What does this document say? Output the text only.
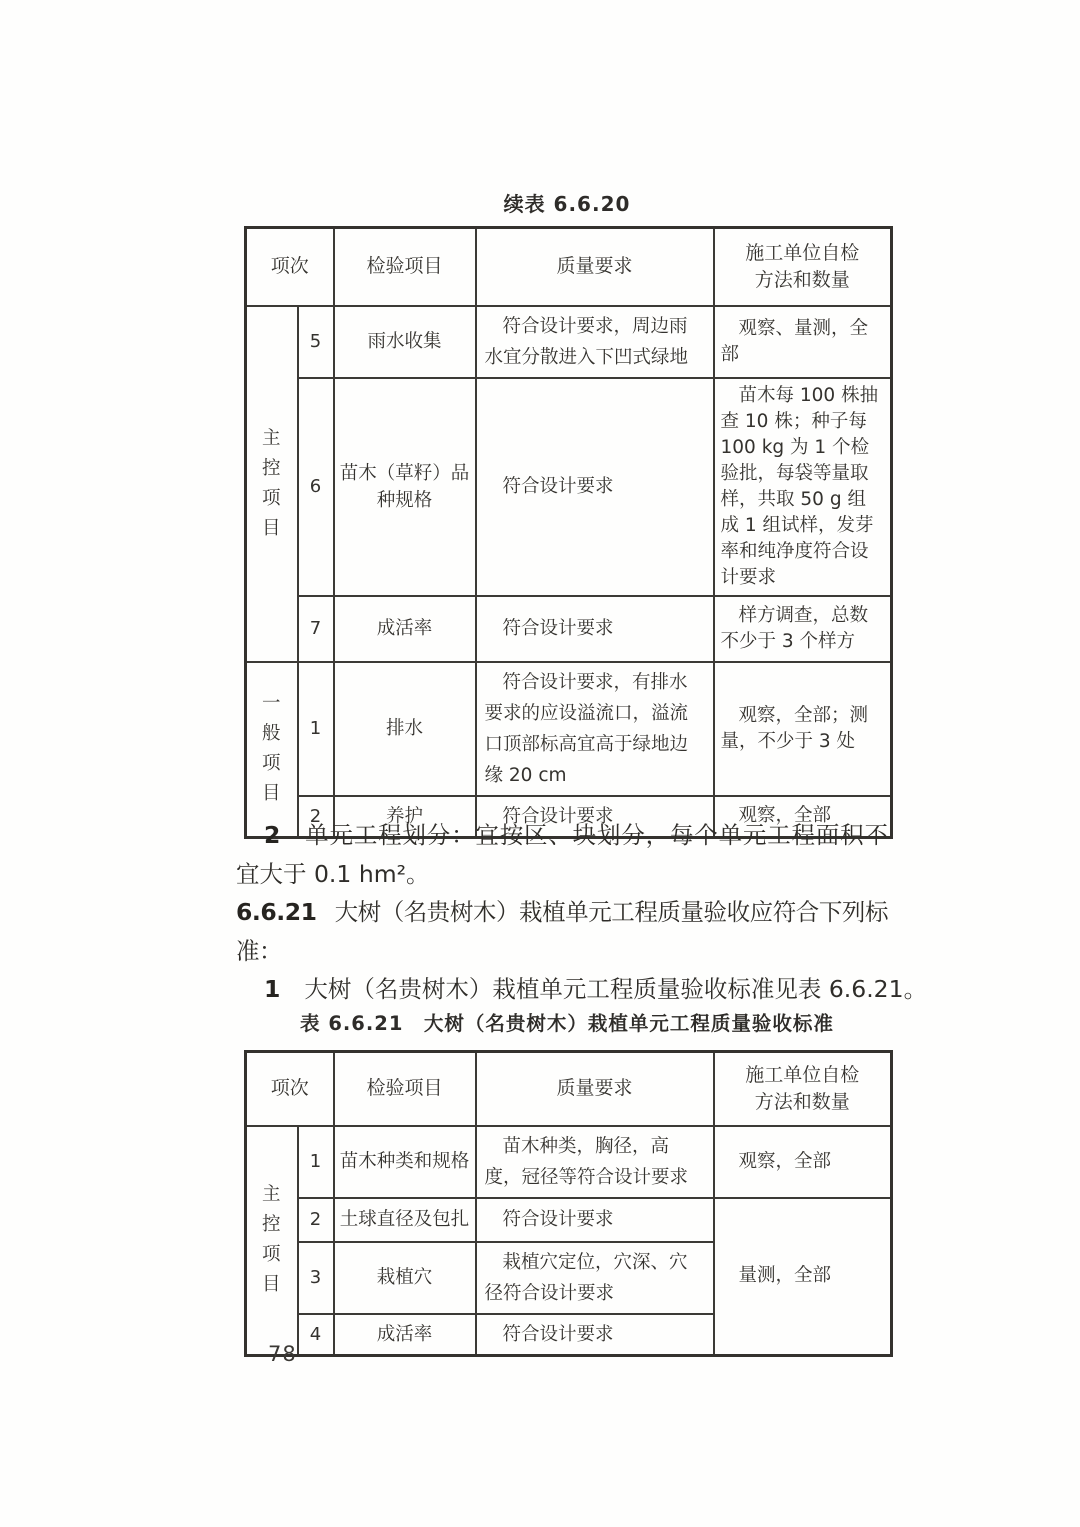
续表 6.6.20
项次		检验项目	质量要求	施工单位自检
方法和数量

主控项目	5	雨水收集	符合设计要求，周边雨水宜分散进入下凹式绿地	观察、量测，全部
	6	苗木（草籽）品种规格	符合设计要求	苗木每 100 株抽查 10 株；种子每 100 kg 为 1 个检验批，每袋等量取样，共取 50 g 组成 1 组试样，发芽率和纯净度符合设计要求
	7	成活率	符合设计要求	样方调查，总数不少于 3 个样方
一般项目	1	排水	符合设计要求，有排水要求的应设溢流口，溢流口顶部标高宜高于绿地边缘 20 cm	观察，全部；测量，不少于 3 处
	2	养护	符合设计要求	观察，全部

2 单元工程划分：宜按区、块划分，每个单元工程面积不宜大于 0.1 hm²。

6.6.21 大树（名贵树木）栽植单元工程质量验收应符合下列标准：

1 大树（名贵树木）栽植单元工程质量验收标准见表 6.6.21。

表 6.6.21　大树（名贵树木）栽植单元工程质量验收标准
项次		检验项目	质量要求	施工单位自检
方法和数量

主控项目	1	苗木种类和规格	苗木种类，胸径，高度，冠径等符合设计要求	观察，全部
	2	土球直径及包扎	符合设计要求	量测，全部
	3	栽植穴	栽植穴定位，穴深、穴径符合设计要求	
	4	成活率	符合设计要求	
78
